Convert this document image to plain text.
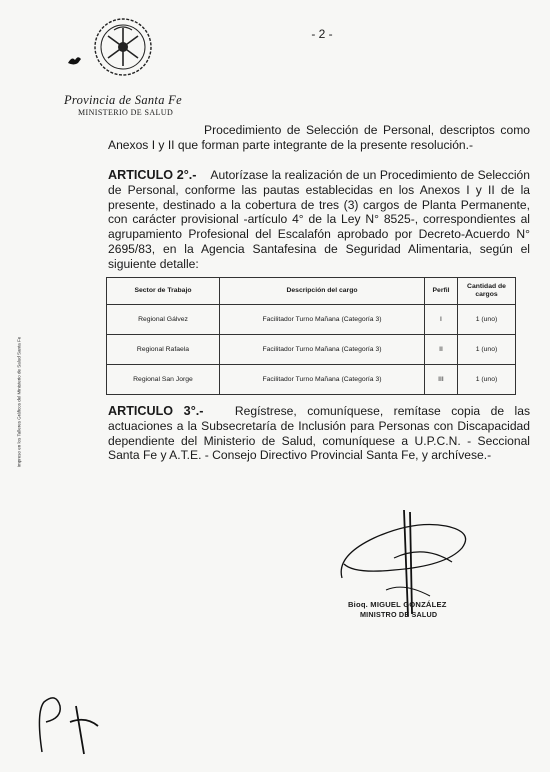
- 2 -
Provincia de Santa Fe
MINISTERIO DE SALUD
Impreso en los Talleres Gráficos del Ministerio de Salud Santa Fe
Procedimiento de Selección de Personal, descriptos como Anexos I y II que forman parte integrante de la presente resolución.-
ARTICULO 2°.- Autorízase la realización de un Procedimiento de Selección de Personal, conforme las pautas establecidas en los Anexos I y II de la presente, destinado a la cobertura de tres (3) cargos de Planta Permanente, con carácter provisional -artículo 4° de la Ley N° 8525-, correspondientes al agrupamiento Profesional del Escalafón aprobado por Decreto-Acuerdo N° 2695/83, en la Agencia Santafesina de Seguridad Alimentaria, según el siguiente detalle:
Sector de Trabajo	Descripción del cargo	Perfil	Cantidad de cargos
Regional Gálvez	Facilitador Turno Mañana (Categoría 3)	I	1 (uno)
Regional Rafaela	Facilitador Turno Mañana (Categoría 3)	II	1 (uno)
Regional San Jorge	Facilitador Turno Mañana (Categoría 3)	III	1 (uno)
ARTICULO 3°.-	Regístrese, comuníquese, remítase copia de las actuaciones a la Subsecretaría de Inclusión para Personas con Discapacidad dependiente del Ministerio de Salud, comuníquese a U.P.C.N. - Seccional Santa Fe y A.T.E. - Consejo Directivo Provincial Santa Fe, y archívese.-
Bioq. MIGUEL GONZÁLEZ
MINISTRO DE SALUD
